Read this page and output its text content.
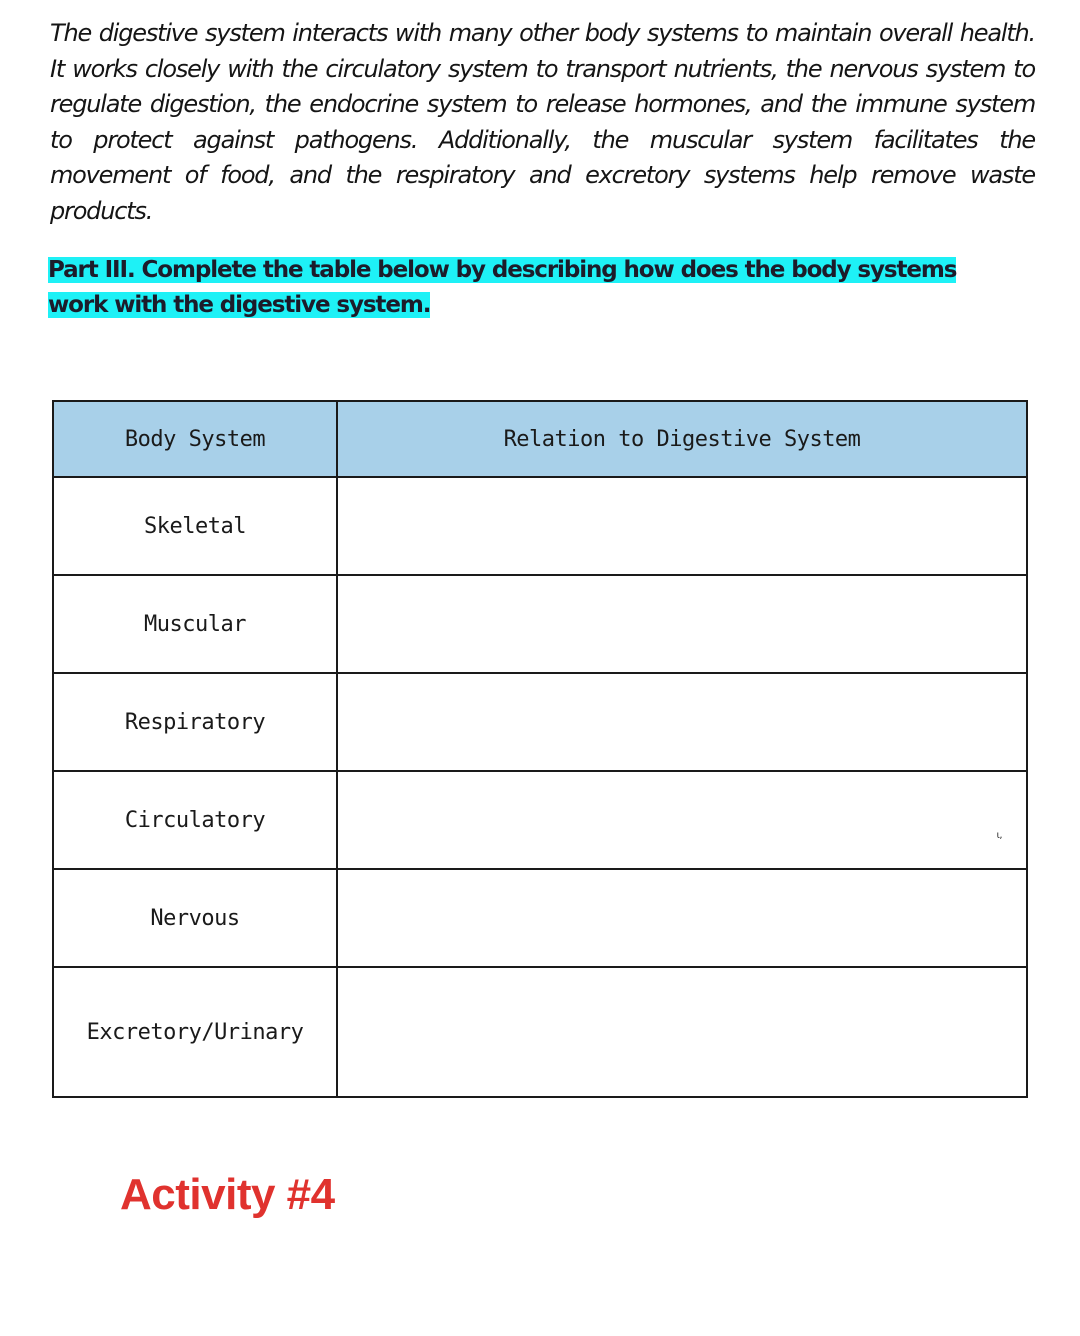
The digestive system interacts with many other body systems to maintain overall health. It works closely with the circulatory system to transport nutrients, the nervous system to regulate digestion, the endocrine system to release hormones, and the immune system to protect against pathogens. Additionally, the muscular system facilitates the movement of food, and the respiratory and excretory systems help remove waste products.
Part III. Complete the table below by describing how does the body systems work with the digestive system.
Body System	Relation to Digestive System
Skeletal	
Muscular	
Respiratory	
Circulatory	ι,

Nervous	
Excretory/Urinary	
Activity #4
